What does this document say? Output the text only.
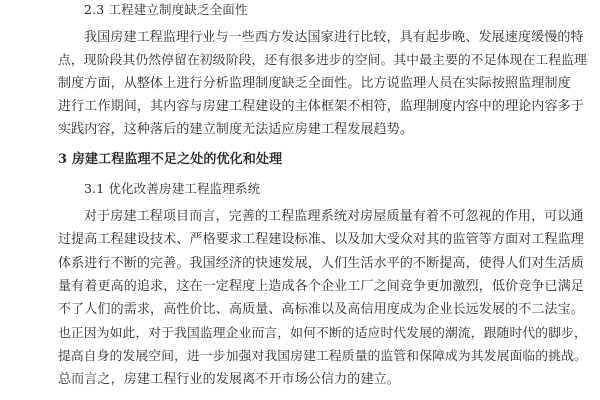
2.3 工程建立制度缺乏全面性
我国房建工程监理行业与一些西方发达国家进行比较，具有起步晚、发展速度缓慢的特
点，现阶段其仍然停留在初级阶段，还有很多进步的空间。其中最主要的不足体现在工程监理
制度方面，从整体上进行分析监理制度缺乏全面性。比方说监理人员在实际按照监理制度
进行工作期间，其内容与房建工程建设的主体框架不相符，监理制度内容中的理论内容多于
实践内容，这种落后的建立制度无法适应房建工程发展趋势。
3 房建工程监理不足之处的优化和处理
3.1 优化改善房建工程监理系统
对于房建工程项目而言，完善的工程监理系统对房屋质量有着不可忽视的作用，可以通
过提高工程建设技术、严格要求工程建设标准、以及加大受众对其的监管等方面对工程监理
体系进行不断的完善。我国经济的快速发展，人们生活水平的不断提高，使得人们对生活质
量有着更高的追求，这在一定程度上造成各个企业工厂之间竞争更加激烈，低价竞争已满足
不了人们的需求，高性价比、高质量、高标准以及高信用度成为企业长远发展的不二法宝。
也正因为如此，对于我国监理企业而言，如何不断的适应时代发展的潮流，跟随时代的脚步，
提高自身的发展空间，进一步加强对我国房建工程质量的监管和保障成为其发展面临的挑战。
总而言之，房建工程行业的发展离不开市场公信力的建立。
